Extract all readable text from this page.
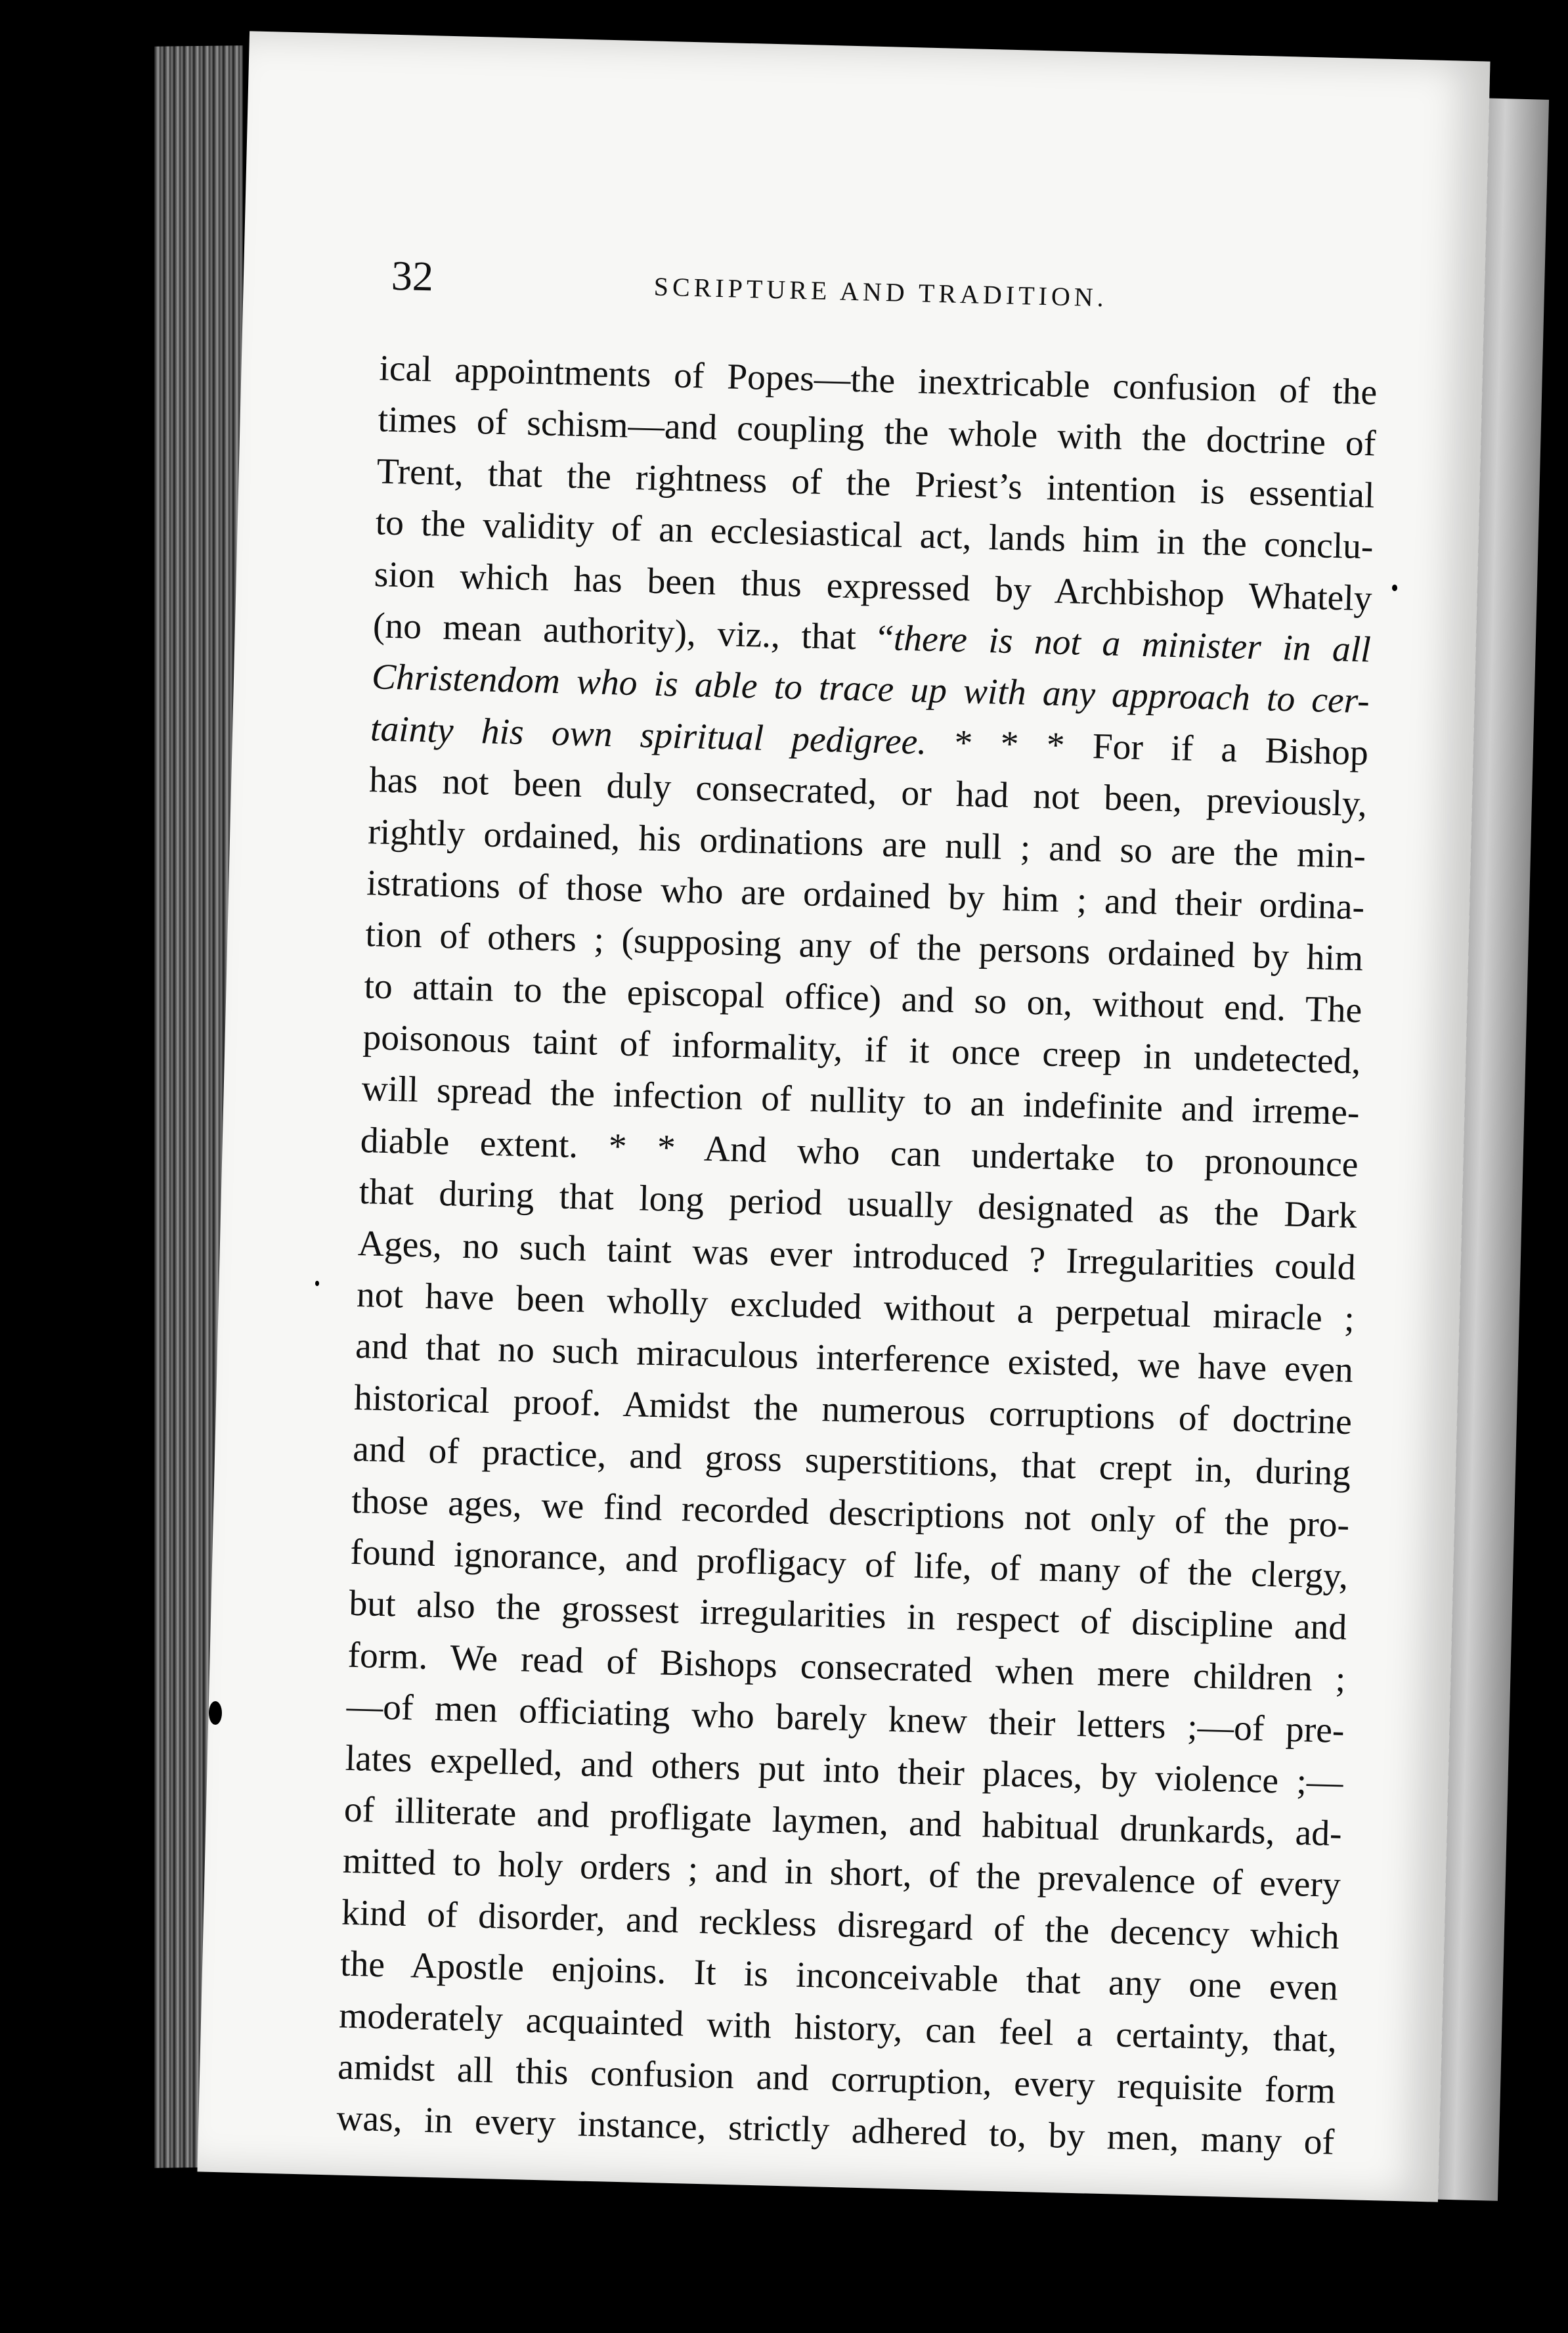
32	SCRIPTURE AND TRADITION.
ical appointments of Popes—the inextricable confusion of the
times of schism—and coupling the whole with the doctrine of
Trent, that the rightness of the Priest’s intention is essential
to the validity of an ecclesiastical act, lands him in the conclu-
sion which has been thus expressed by Archbishop Whately
(no mean authority), viz., that “there is not a minister in all
Christendom who is able to trace up with any approach to cer-
tainty his own spiritual pedigree. * * * For if a Bishop
has not been duly consecrated, or had not been, previously,
rightly ordained, his ordinations are null ; and so are the min-
istrations of those who are ordained by him ; and their ordina-
tion of others ; (supposing any of the persons ordained by him
to attain to the episcopal office) and so on, without end. The
poisonous taint of informality, if it once creep in undetected,
will spread the infection of nullity to an indefinite and irreme-
diable extent. * * And who can undertake to pronounce
that during that long period usually designated as the Dark
Ages, no such taint was ever introduced ? Irregularities could
not have been wholly excluded without a perpetual miracle ;
and that no such miraculous interference existed, we have even
historical proof. Amidst the numerous corruptions of doctrine
and of practice, and gross superstitions, that crept in, during
those ages, we find recorded descriptions not only of the pro-
found ignorance, and profligacy of life, of many of the clergy,
but also the grossest irregularities in respect of discipline and
form. We read of Bishops consecrated when mere children ;
—of men officiating who barely knew their letters ;—of pre-
lates expelled, and others put into their places, by violence ;—
of illiterate and profligate laymen, and habitual drunkards, ad-
mitted to holy orders ; and in short, of the prevalence of every
kind of disorder, and reckless disregard of the decency which
the Apostle enjoins. It is inconceivable that any one even
moderately acquainted with history, can feel a certainty, that,
amidst all this confusion and corruption, every requisite form
was, in every instance, strictly adhered to, by men, many of
